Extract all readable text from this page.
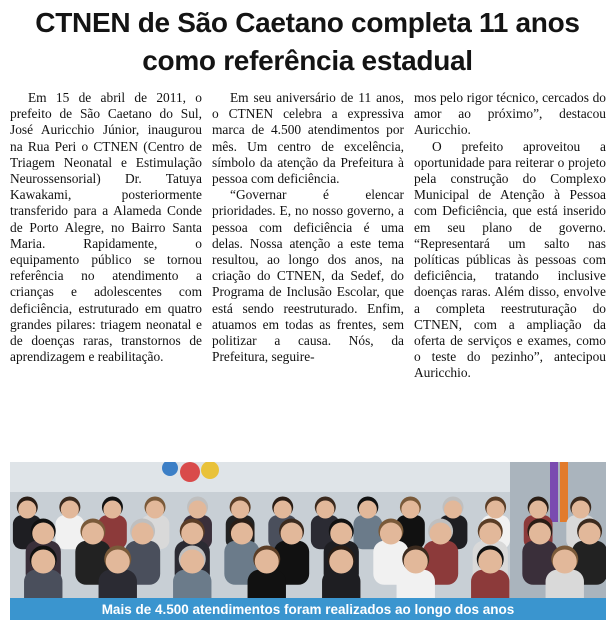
CTNEN de São Caetano completa 11 anos
como referência estadual

Em 15 de abril de 2011, o prefeito de São Caetano do Sul, José Auricchio Júnior, inaugurou na Rua Peri o CTNEN (Centro de Triagem Neonatal e Estimulação Neurossensorial) Dr. Tatuya Kawakami, posteriormente transferido para a Alameda Conde de Porto Alegre, no Bairro Santa Maria. Rapidamente, o equipamento público se tornou referência no atendimento a crianças e adolescentes com deficiência, estruturado em quatro grandes pilares: triagem neonatal e de doenças raras, transtornos de aprendizagem e reabilitação.

Em seu aniversário de 11 anos, o CTNEN celebra a expressiva marca de 4.500 atendimentos por mês. Um centro de excelência, símbolo da atenção da Prefeitura à pessoa com deficiência.

“Governar é elencar prioridades. E, no nosso governo, a pessoa com deficiência é uma delas. Nossa atenção a este tema resultou, ao longo dos anos, na criação do CTNEN, da Sedef, do Programa de Inclusão Escolar, que está sendo reestruturado. Enfim, atuamos em todas as frentes, sem politizar a causa. Nós, da Prefeitura, seguire-

mos pelo rigor técnico, cercados do amor ao próximo”, destacou Auricchio.

O prefeito aproveitou a oportunidade para reiterar o projeto pela construção do Complexo Municipal de Atenção à Pessoa com Deficiência, que está inserido em seu plano de governo. “Representará um salto nas políticas públicas às pessoas com deficiência, tratando inclusive doenças raras. Além disso, envolve a completa reestruturação do CTNEN, com a ampliação da oferta de serviços e exames, como o teste do pezinho”, antecipou Auricchio.

Mais de 4.500 atendimentos foram realizados ao longo dos anos
